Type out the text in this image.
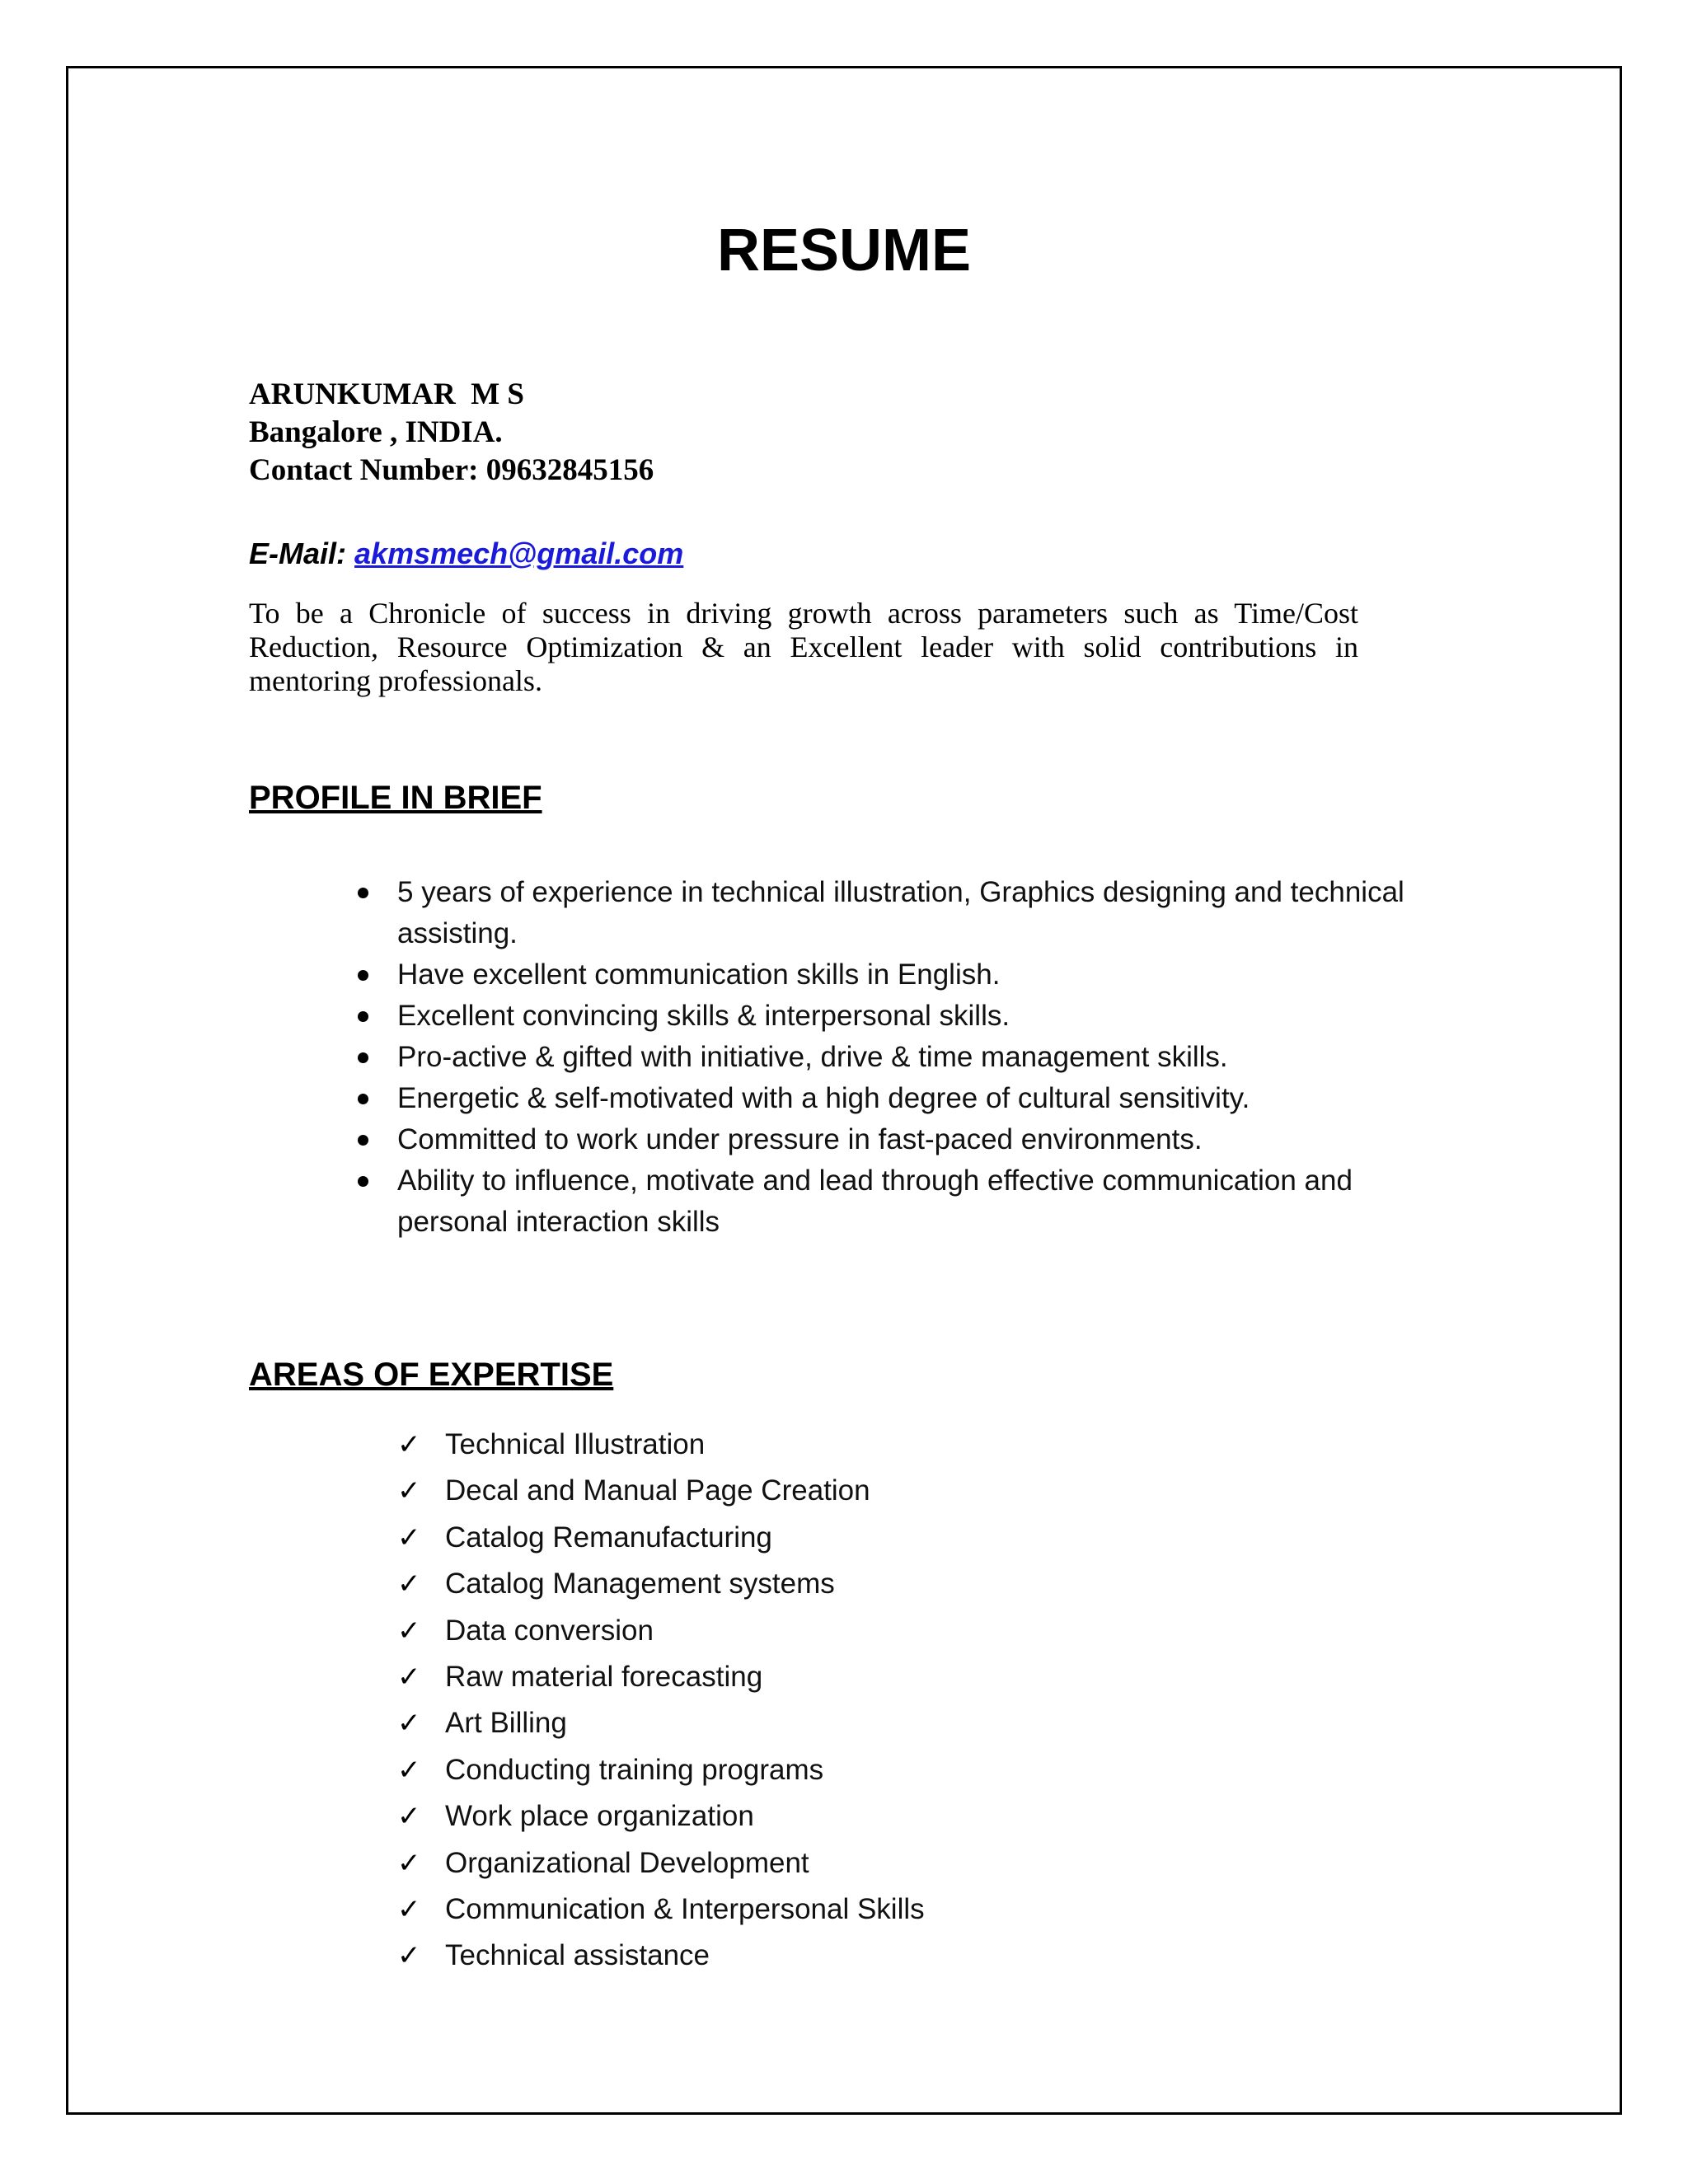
RESUME
ARUNKUMAR  M S
Bangalore , INDIA.
Contact Number: 09632845156
E-Mail: akmsmech@gmail.com
To be a Chronicle of success in driving growth across parameters such as Time/Cost Reduction, Resource Optimization & an Excellent leader with solid contributions in mentoring professionals.
PROFILE IN BRIEF
5 years of experience in technical illustration, Graphics designing and technical assisting.
Have excellent communication skills in English.
Excellent convincing skills & interpersonal skills.
Pro-active & gifted with initiative, drive & time management skills.
Energetic & self-motivated with a high degree of cultural sensitivity.
Committed to work under pressure in fast-paced environments.
Ability to influence, motivate and lead through effective communication and personal interaction skills
AREAS OF EXPERTISE
✓ Technical Illustration
✓ Decal and Manual Page Creation
✓ Catalog Remanufacturing
✓ Catalog Management systems
✓ Data conversion
✓ Raw material forecasting
✓ Art Billing
✓ Conducting training programs
✓ Work place organization
✓ Organizational Development
✓ Communication & Interpersonal Skills
✓ Technical assistance
